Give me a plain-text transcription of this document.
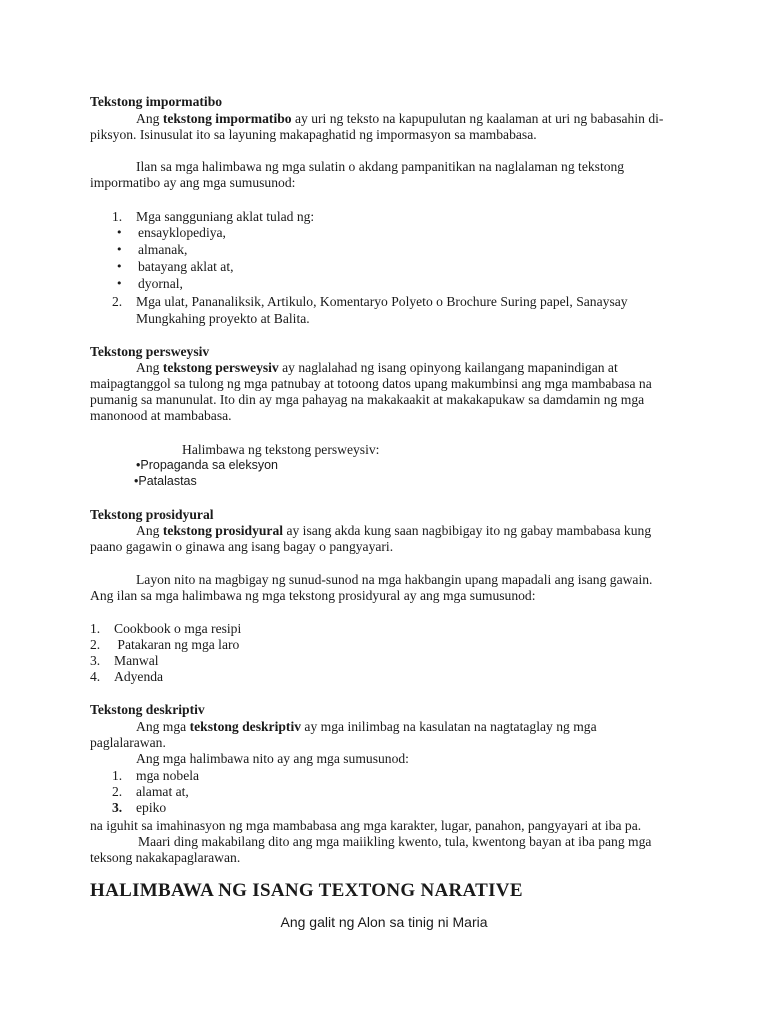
Tekstong impormatibo
Ang tekstong impormatibo ay uri ng teksto na kapupulutan ng kaalaman at uri ng babasahin di-
piksyon. Isinusulat ito sa layuning makapaghatid ng impormasyon sa mambabasa.
Ilan sa mga halimbawa ng mga sulatin o akdang pampanitikan na naglalaman ng tekstong
impormatibo ay ang mga sumusunod:
1. Mga sangguniang aklat tulad ng:
• ensayklopediya,
• almanak,
• batayang aklat at,
• dyornal,
2. Mga ulat, Pananaliksik, Artikulo, Komentaryo Polyeto o Brochure Suring papel, Sanaysay
Mungkahing proyekto at Balita.
Tekstong persweysiv
Ang tekstong persweysiv ay naglalahad ng isang opinyong kailangang mapanindigan at
maipagtanggol sa tulong ng mga patnubay at totoong datos upang makumbinsi ang mga mambabasa na
pumanig sa manunulat. Ito din ay mga pahayag na makakaakit at makakapukaw sa damdamin ng mga
manonood at mambabasa.
Halimbawa ng tekstong persweysiv:
•Propaganda sa eleksyon
•Patalastas
Tekstong prosidyural
Ang tekstong prosidyural ay isang akda kung saan nagbibigay ito ng gabay mambabasa kung
paano gagawin o ginawa ang isang bagay o pangyayari.
Layon nito na magbigay ng sunud-sunod na mga hakbangin upang mapadali ang isang gawain.
Ang ilan sa mga halimbawa ng mga tekstong prosidyural ay ang mga sumusunod:
1. Cookbook o mga resipi
2. Patakaran ng mga laro
3. Manwal
4. Adyenda
Tekstong deskriptiv
Ang mga tekstong deskriptiv ay mga inilimbag na kasulatan na nagtataglay ng mga
paglalarawan.
Ang mga halimbawa nito ay ang mga sumusunod:
1. mga nobela
2. alamat at,
3. epiko
na iguhit sa imahinasyon ng mga mambabasa ang mga karakter, lugar, panahon, pangyayari at iba pa.
Maari ding makabilang dito ang mga maiikling kwento, tula, kwentong bayan at iba pang mga
teksong nakakapaglarawan.
HALIMBAWA NG ISANG TEXTONG NARATIVE
Ang galit ng Alon sa tinig ni Maria
